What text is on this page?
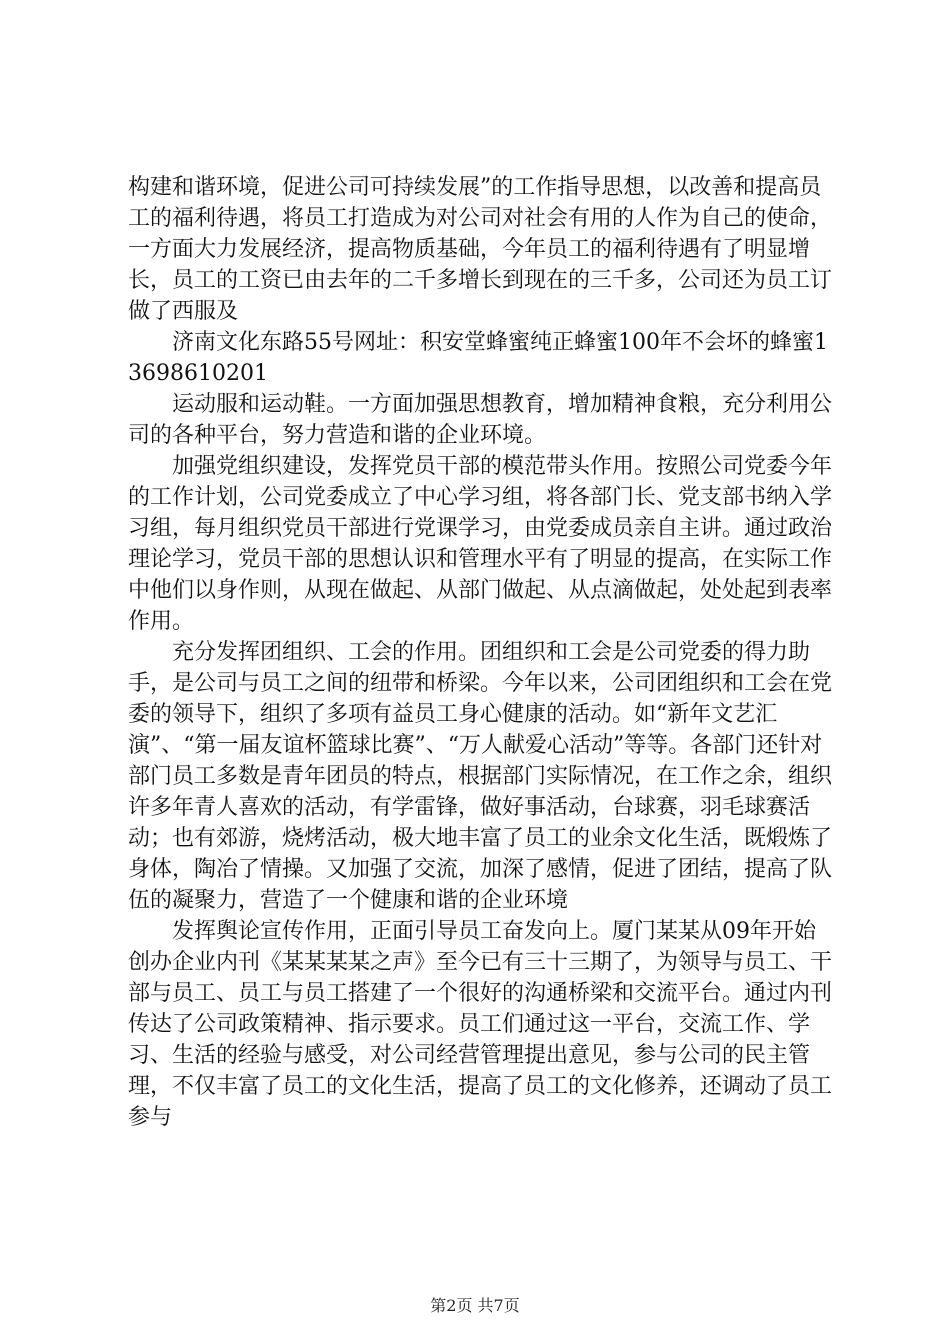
构建和谐环境，促进公司可持续发展”的工作指导思想，以改善和提高员工的福利待遇，将员工打造成为对公司对社会有用的人作为自己的使命，一方面大力发展经济，提高物质基础，今年员工的福利待遇有了明显增长，员工的工资已由去年的二千多增长到现在的三千多，公司还为员工订做了西服及

济南文化东路55号网址：积安堂蜂蜜纯正蜂蜜100年不会坏的蜂蜜13698610201

运动服和运动鞋。一方面加强思想教育，增加精神食粮，充分利用公司的各种平台，努力营造和谐的企业环境。

加强党组织建设，发挥党员干部的模范带头作用。按照公司党委今年的工作计划，公司党委成立了中心学习组，将各部门长、党支部书纳入学习组，每月组织党员干部进行党课学习，由党委成员亲自主讲。通过政治理论学习，党员干部的思想认识和管理水平有了明显的提高，在实际工作中他们以身作则，从现在做起、从部门做起、从点滴做起，处处起到表率作用。

充分发挥团组织、工会的作用。团组织和工会是公司党委的得力助手，是公司与员工之间的纽带和桥梁。今年以来，公司团组织和工会在党委的领导下，组织了多项有益员工身心健康的活动。如“新年文艺汇演”、“第一届友谊杯篮球比赛”、“万人献爱心活动”等等。各部门还针对部门员工多数是青年团员的特点，根据部门实际情况，在工作之余，组织许多年青人喜欢的活动，有学雷锋，做好事活动，台球赛，羽毛球赛活动；也有郊游，烧烤活动，极大地丰富了员工的业余文化生活，既煅炼了身体，陶冶了情操。又加强了交流，加深了感情，促进了团结，提高了队伍的凝聚力，营造了一个健康和谐的企业环境

发挥舆论宣传作用，正面引导员工奋发向上。厦门某某从09年开始创办企业内刊《某某某某之声》至今已有三十三期了，为领导与员工、干部与员工、员工与员工搭建了一个很好的沟通桥梁和交流平台。通过内刊传达了公司政策精神、指示要求。员工们通过这一平台，交流工作、学习、生活的经验与感受，对公司经营管理提出意见，参与公司的民主管理，不仅丰富了员工的文化生活，提高了员工的文化修养，还调动了员工参与

第2页 共7页
